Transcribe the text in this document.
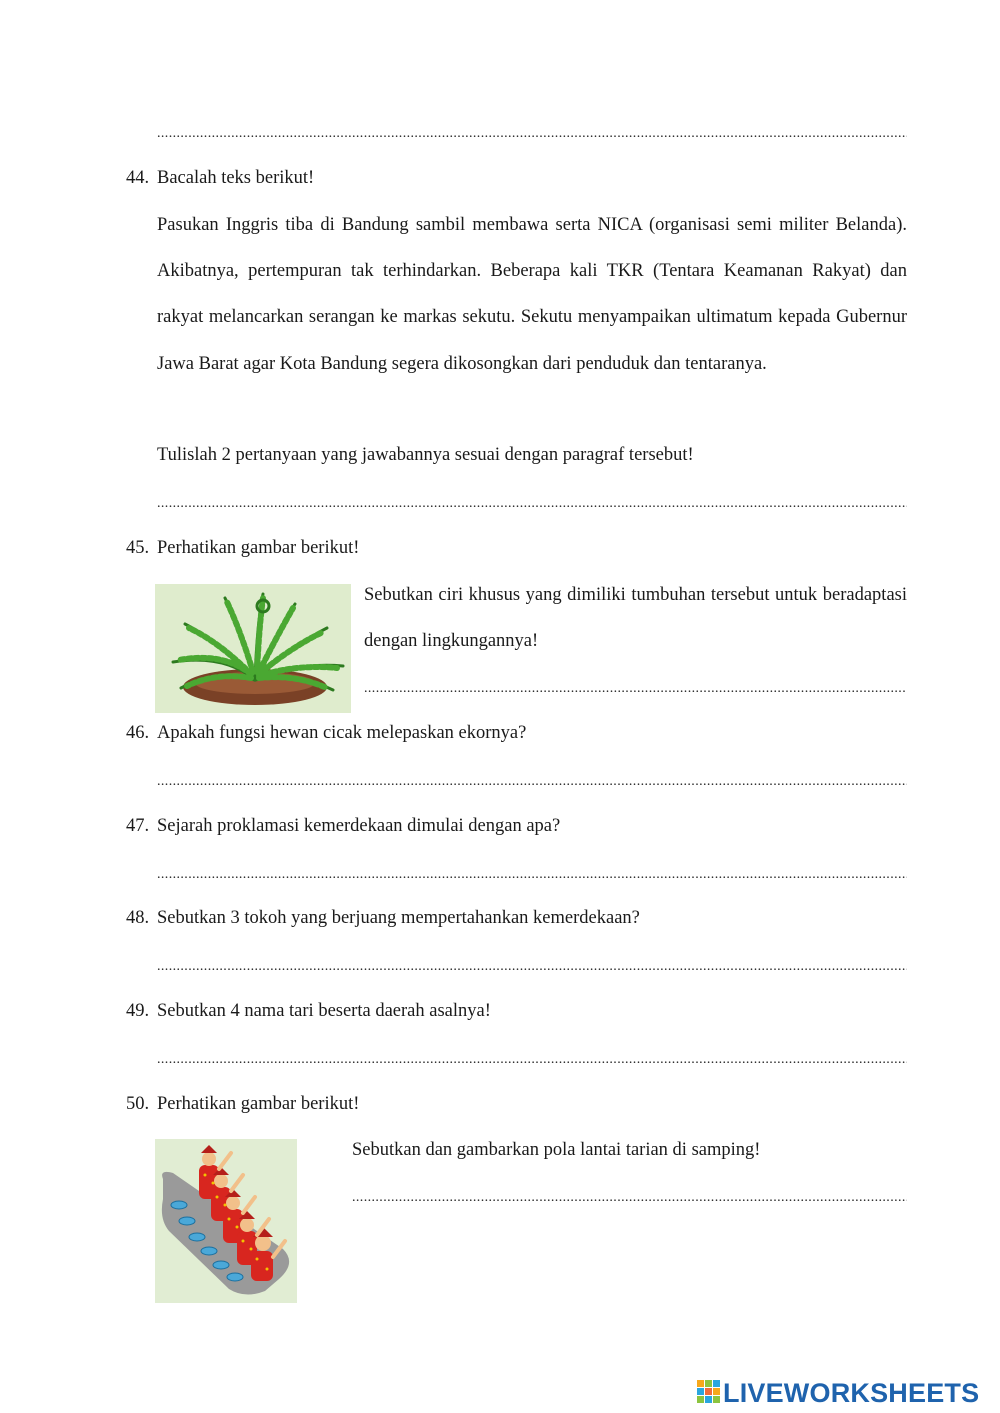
.....
44. Bacalah teks berikut!
Pasukan Inggris tiba di Bandung sambil membawa serta NICA (organisasi semi militer Belanda). Akibatnya, pertempuran tak terhindarkan. Beberapa kali TKR (Tentara Keamanan Rakyat) dan rakyat melancarkan serangan ke markas sekutu. Sekutu menyampaikan ultimatum kepada Gubernur Jawa Barat agar Kota Bandung segera dikosongkan dari penduduk dan tentaranya.
Tulislah 2 pertanyaan yang jawabannya sesuai dengan paragraf tersebut!
.....
45. Perhatikan gambar berikut!
Sebutkan ciri khusus yang dimiliki tumbuhan tersebut untuk beradaptasi dengan lingkungannya!
.....
46. Apakah fungsi hewan cicak melepaskan ekornya?
.....
47. Sejarah proklamasi kemerdekaan dimulai dengan apa?
.....
48. Sebutkan 3 tokoh yang berjuang mempertahankan kemerdekaan?
.....
49. Sebutkan 4 nama tari beserta daerah asalnya!
.....
50. Perhatikan gambar berikut!
Sebutkan dan gambarkan pola lantai tarian di samping!
.....
LIVEWORKSHEETS
